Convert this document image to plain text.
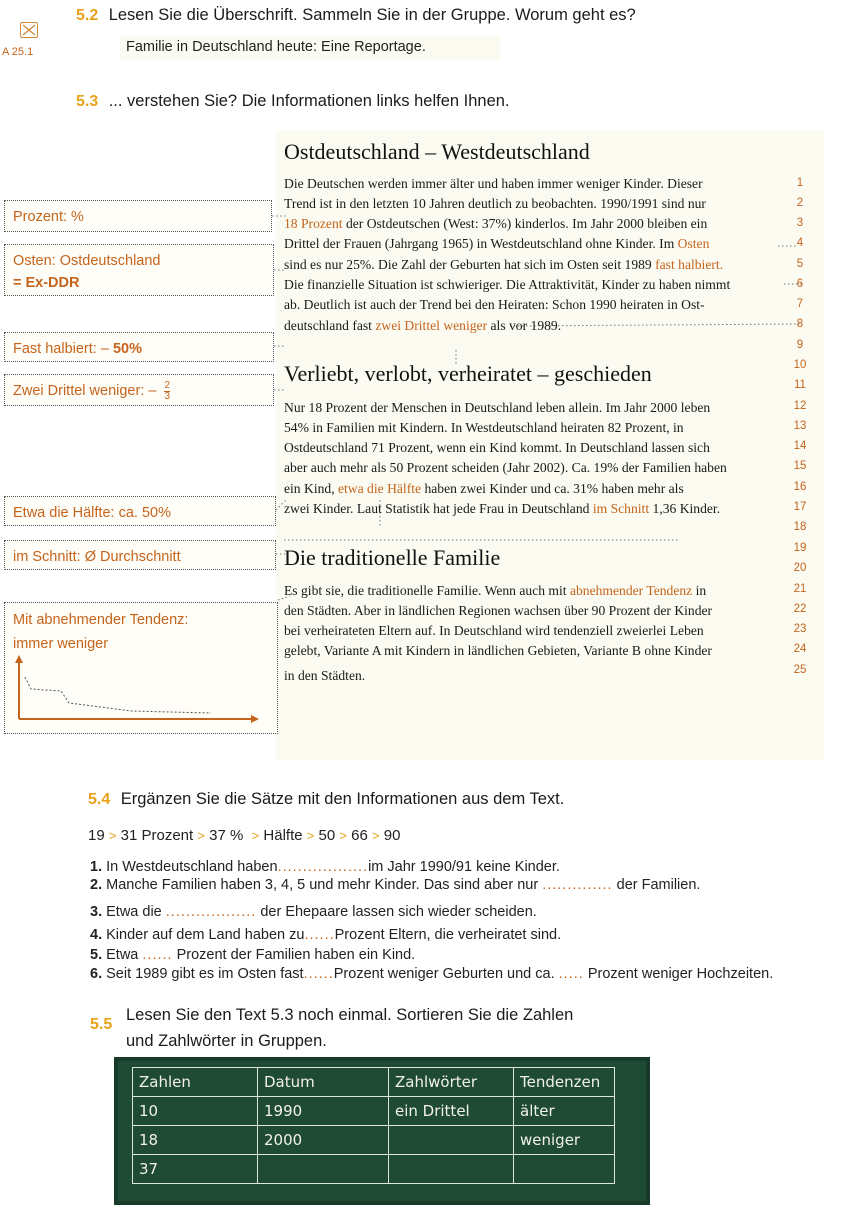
A 25.1
5.2 Lesen Sie die Überschrift. Sammeln Sie in der Gruppe. Worum geht es?
Familie in Deutschland heute: Eine Reportage.
5.3 ... verstehen Sie? Die Informationen links helfen Ihnen.
Prozent: %
Osten: Ostdeutschland
= Ex-DDR
Fast halbiert: – 50%
Zwei Drittel weniger: – $\frac{2}{3}$
Etwa die Hälfte: ca. 50%
im Schnitt: Ø Durchschnitt
Mit abnehmender Tendenz:
immer weniger
Ostdeutschland – Westdeutschland
Die Deutschen werden immer älter und haben immer weniger Kinder. Dieser
Trend ist in den letzten 10 Jahren deutlich zu beobachten. 1990/1991 sind nur
18 Prozent der Ostdeutschen (West: 37%) kinderlos. Im Jahr 2000 bleiben ein
Drittel der Frauen (Jahrgang 1965) in Westdeutschland ohne Kinder. Im Osten
sind es nur 25%. Die Zahl der Geburten hat sich im Osten seit 1989 fast halbiert.
Die finanzielle Situation ist schwieriger. Die Attraktivität, Kinder zu haben nimmt
ab. Deutlich ist auch der Trend bei den Heiraten: Schon 1990 heiraten in Ost-
deutschland fast zwei Drittel weniger als vor 1989.
Verliebt, verlobt, verheiratet – geschieden
Nur 18 Prozent der Menschen in Deutschland leben allein. Im Jahr 2000 leben
54% in Familien mit Kindern. In Westdeutschland heiraten 82 Prozent, in
Ostdeutschland 71 Prozent, wenn ein Kind kommt. In Deutschland lassen sich
aber auch mehr als 50 Prozent scheiden (Jahr 2002). Ca. 19% der Familien haben
ein Kind, etwa die Hälfte haben zwei Kinder und ca. 31% haben mehr als
zwei Kinder. Laut Statistik hat jede Frau in Deutschland im Schnitt 1,36 Kinder.
Die traditionelle Familie
Es gibt sie, die traditionelle Familie. Wenn auch mit abnehmender Tendenz in
den Städten. Aber in ländlichen Regionen wachsen über 90 Prozent der Kinder
bei verheirateten Eltern auf. In Deutschland wird tendenziell zweierlei Leben
gelebt, Variante A mit Kindern in ländlichen Gebieten, Variante B ohne Kinder
in den Städten.
1
2
3
4
5
6
7
8
9
10
11
12
13
14
15
16
17
18
19
20
21
22
23
24
25
5.4 Ergänzen Sie die Sätze mit den Informationen aus dem Text.
19 > 31 Prozent > 37 % > Hälfte > 50 > 66 > 90
1. In Westdeutschland haben..................im Jahr 1990/91 keine Kinder.
2. Manche Familien haben 3, 4, 5 und mehr Kinder. Das sind aber nur .............. der Familien.
3. Etwa die .................. der Ehepaare lassen sich wieder scheiden.
4. Kinder auf dem Land haben zu......Prozent Eltern, die verheiratet sind.
5. Etwa ...... Prozent der Familien haben ein Kind.
6. Seit 1989 gibt es im Osten fast......Prozent weniger Geburten und ca. ..... Prozent weniger Hochzeiten.
5.5
Lesen Sie den Text 5.3 noch einmal. Sortieren Sie die Zahlen
und Zahlwörter in Gruppen.
Zahlen	Datum	Zahlwörter	Tendenzen
10	1990	ein Drittel	älter
18	2000		weniger
37			
